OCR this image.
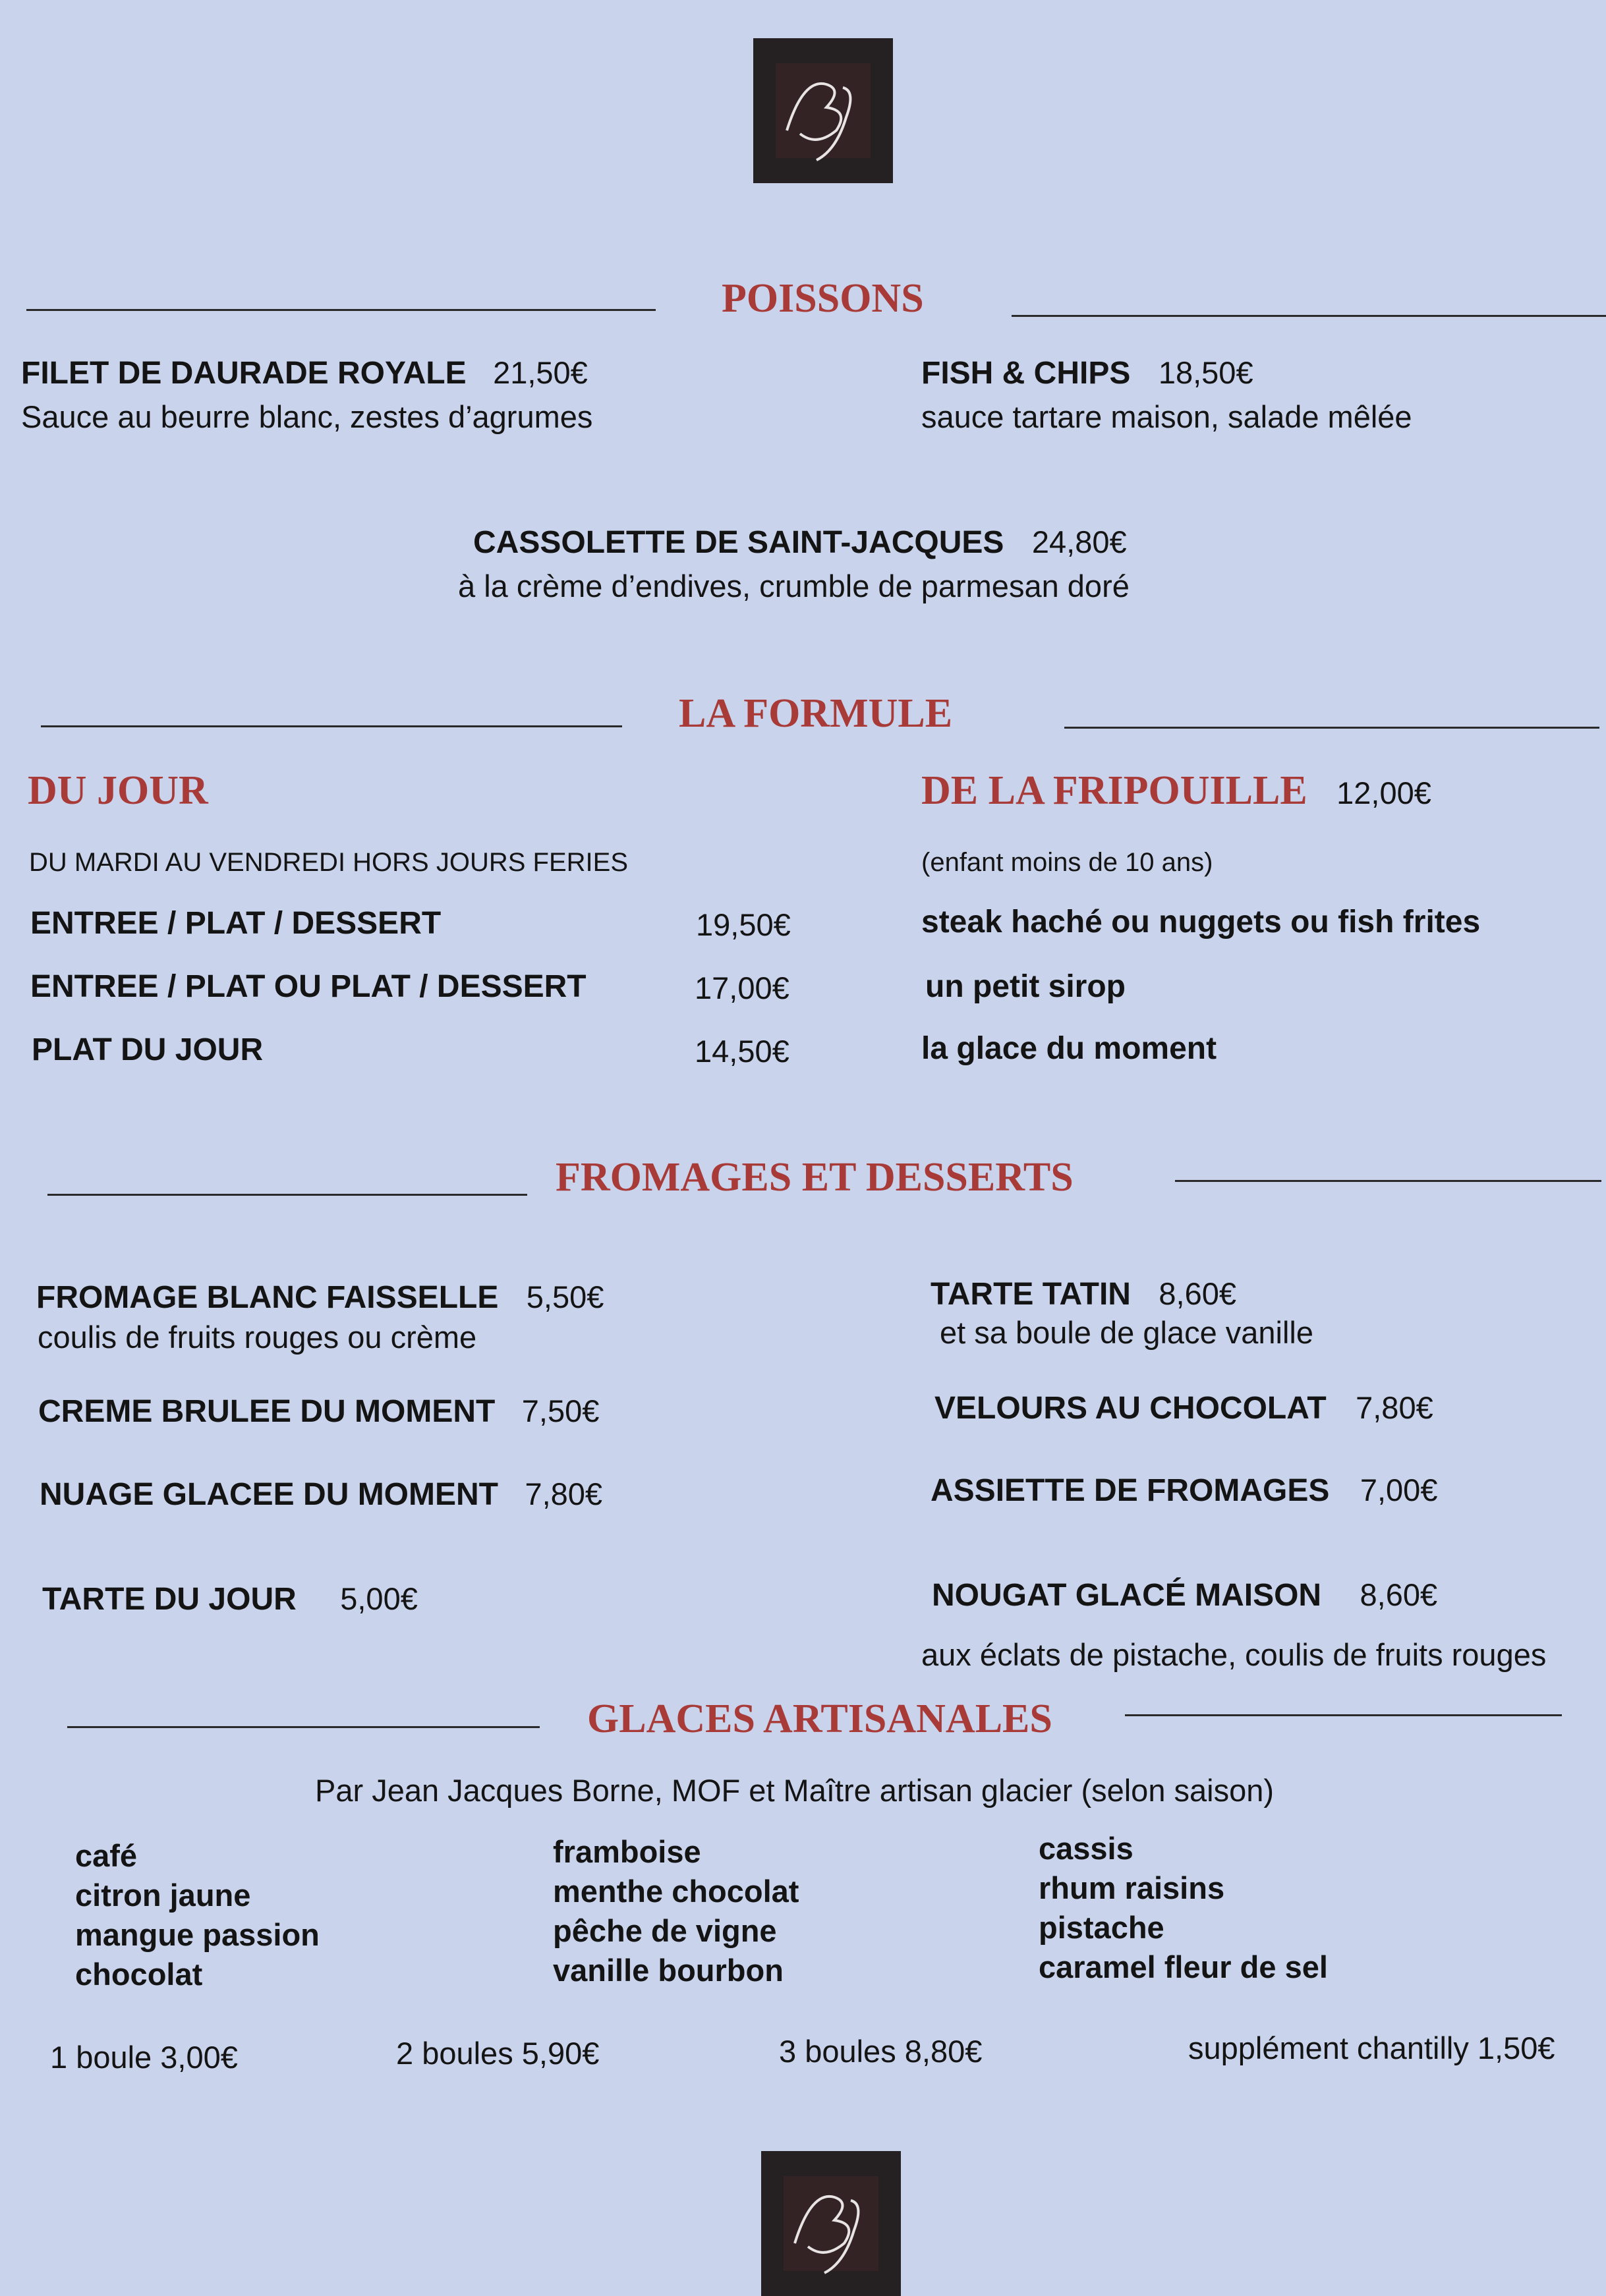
POISSONS
FILET DE DAURADE ROYALE 21,50€
Sauce au beurre blanc, zestes d’agrumes
FISH & CHIPS 18,50€
sauce tartare maison, salade mêlée
CASSOLETTE DE SAINT-JACQUES 24,80€
à la crème d’endives, crumble de parmesan doré
LA FORMULE
DU JOUR
DU MARDI AU VENDREDI HORS JOURS FERIES
ENTREE / PLAT / DESSERT	19,50€
ENTREE / PLAT OU PLAT / DESSERT	17,00€
PLAT DU JOUR	14,50€
DE LA FRIPOUILLE 12,00€
(enfant moins de 10 ans)
steak haché ou nuggets ou fish frites
un petit sirop
la glace du moment
FROMAGES ET DESSERTS
FROMAGE BLANC FAISSELLE 5,50€
coulis de fruits rouges ou crème
CREME BRULEE DU MOMENT 7,50€
NUAGE GLACEE DU MOMENT 7,80€
TARTE DU JOUR 5,00€
TARTE TATIN 8,60€
et sa boule de glace vanille
VELOURS AU CHOCOLAT 7,80€
ASSIETTE DE FROMAGES 7,00€
NOUGAT GLACÉ MAISON 8,60€
aux éclats de pistache, coulis de fruits rouges
GLACES ARTISANALES
Par Jean Jacques Borne, MOF et Maître artisan glacier (selon saison)
café
citron jaune
mangue passion
chocolat
framboise
menthe chocolat
pêche de vigne
vanille bourbon
cassis
rhum raisins
pistache
caramel fleur de sel
1 boule 3,00€	2 boules 5,90€	3 boules 8,80€	supplément chantilly 1,50€
